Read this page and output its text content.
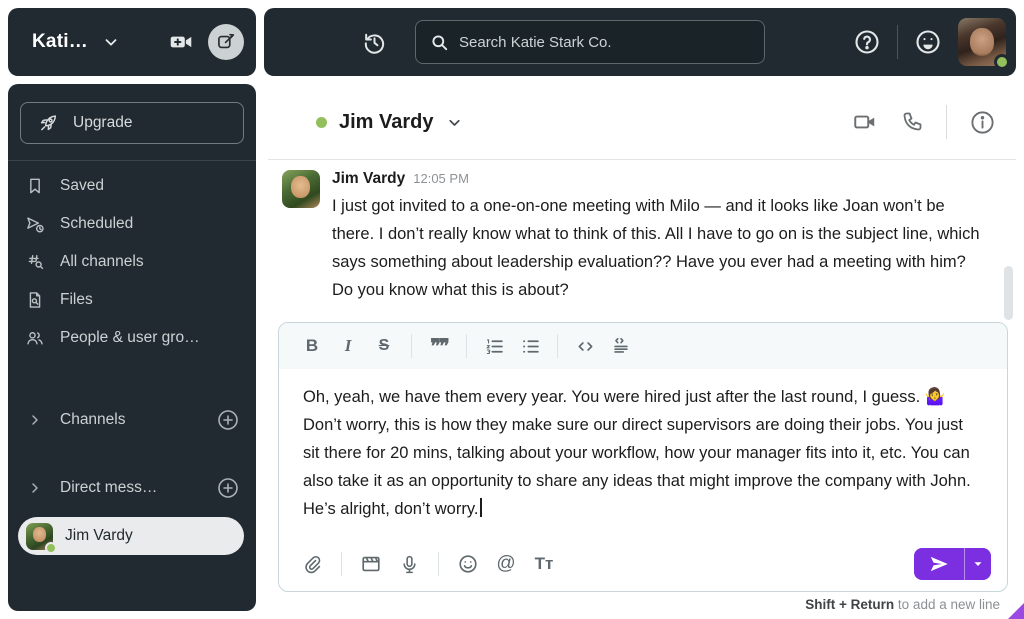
Kati…
Search Katie Stark Co.
Upgrade
Saved
Scheduled
All channels
Files
People & user gro…
Channels
Direct mess…
Jim Vardy
Jim Vardy
Jim Vardy 12:05 PM
I just got invited to a one-on-one meeting with Milo — and it looks like Joan won’t be there. I don’t really know what to think of this. All I have to go on is the subject line, which says something about leadership evaluation?? Have you ever had a meeting with him? Do you know what this is about?
B	I	S	❞❞
Oh, yeah, we have them every year. You were hired just after the last round, I guess. 🤷‍♀️ Don’t worry, this is how they make sure our direct supervisors are doing their jobs. You just sit there for 20 mins, talking about your workflow, how your manager fits into it, etc. You can also take it as an opportunity to share any ideas that might improve the company with John. He’s alright, don’t worry.
@	Tт
Shift + Return to add a new line
